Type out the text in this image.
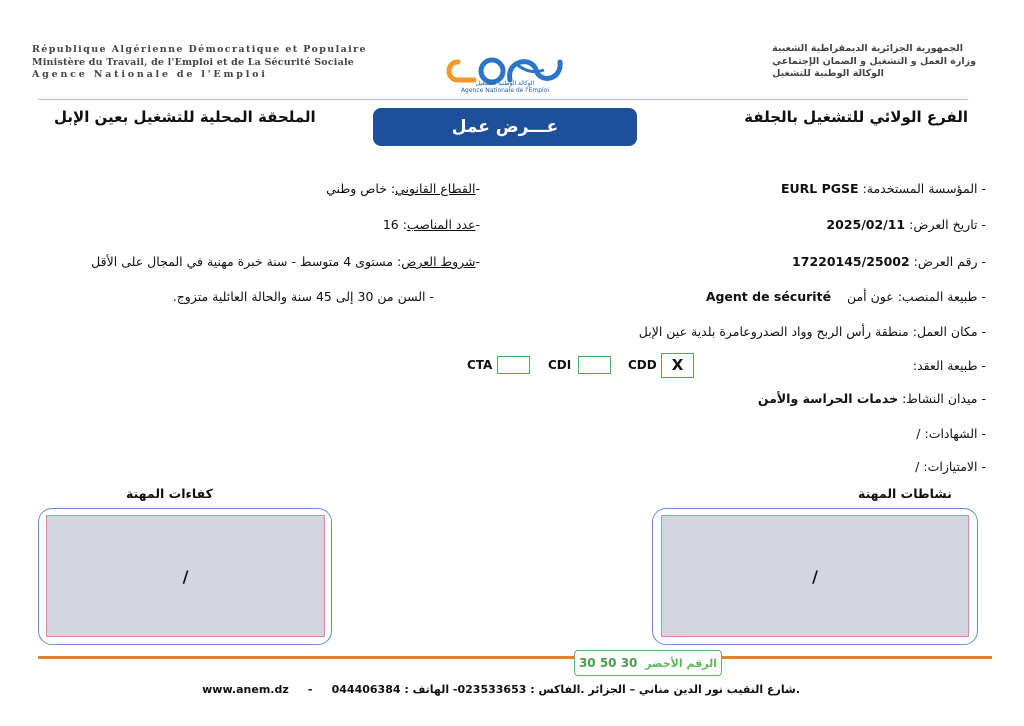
République Algérienne Démocratique et Populaire
Ministère du Travail, de l'Emploi et de La Sécurité Sociale
Agence Nationale de l'Emploi
الوكالة الوطنية للتشغيل
Agence Nationale de l'Emploi
الجمهورية الجزائرية الديمقراطية الشعبية
وزارة العمل و التشغيل و الضمان الإجتماعي
الوكالة الوطنية للتشغيل
الفرع الولائي للتشغيل بالجلفة
الملحقة المحلية للتشغيل بعين الإبل	عـــرض عمل
- المؤسسة المستخدمة: EURL PGSE
- تاريخ العرض: 2025/02/11
- رقم العرض: 17220145/25002
- طبيعة المنصب: عون أمن    Agent de sécurité
- مكان العمل: منطقة رأس الربح وواد الصدروعامرة بلدية عين الإبل
- طبيعة العقد:
- ميدان النشاط: خدمات الحراسة والأمن
- الشهادات: /
- الامتيازات: /
-القطاع القانوني: خاص وطني
-عدد المناصب: 16
-شروط العرض: مستوى 4 متوسط - سنة خبرة مهنية في المجال على الأقل
- السن من 30 إلى 45 سنة والحالة العائلية متزوج.
X
CDD
CDI
CTA
نشاطات المهنة
/
كفاءات المهنة
/
الرقم الأخضر  30 50 30
.شارع النقيب نور الدين مناني – الجزائر .الفاكس : 023533653- الهاتف : 044406384     -     www.anem.dz
